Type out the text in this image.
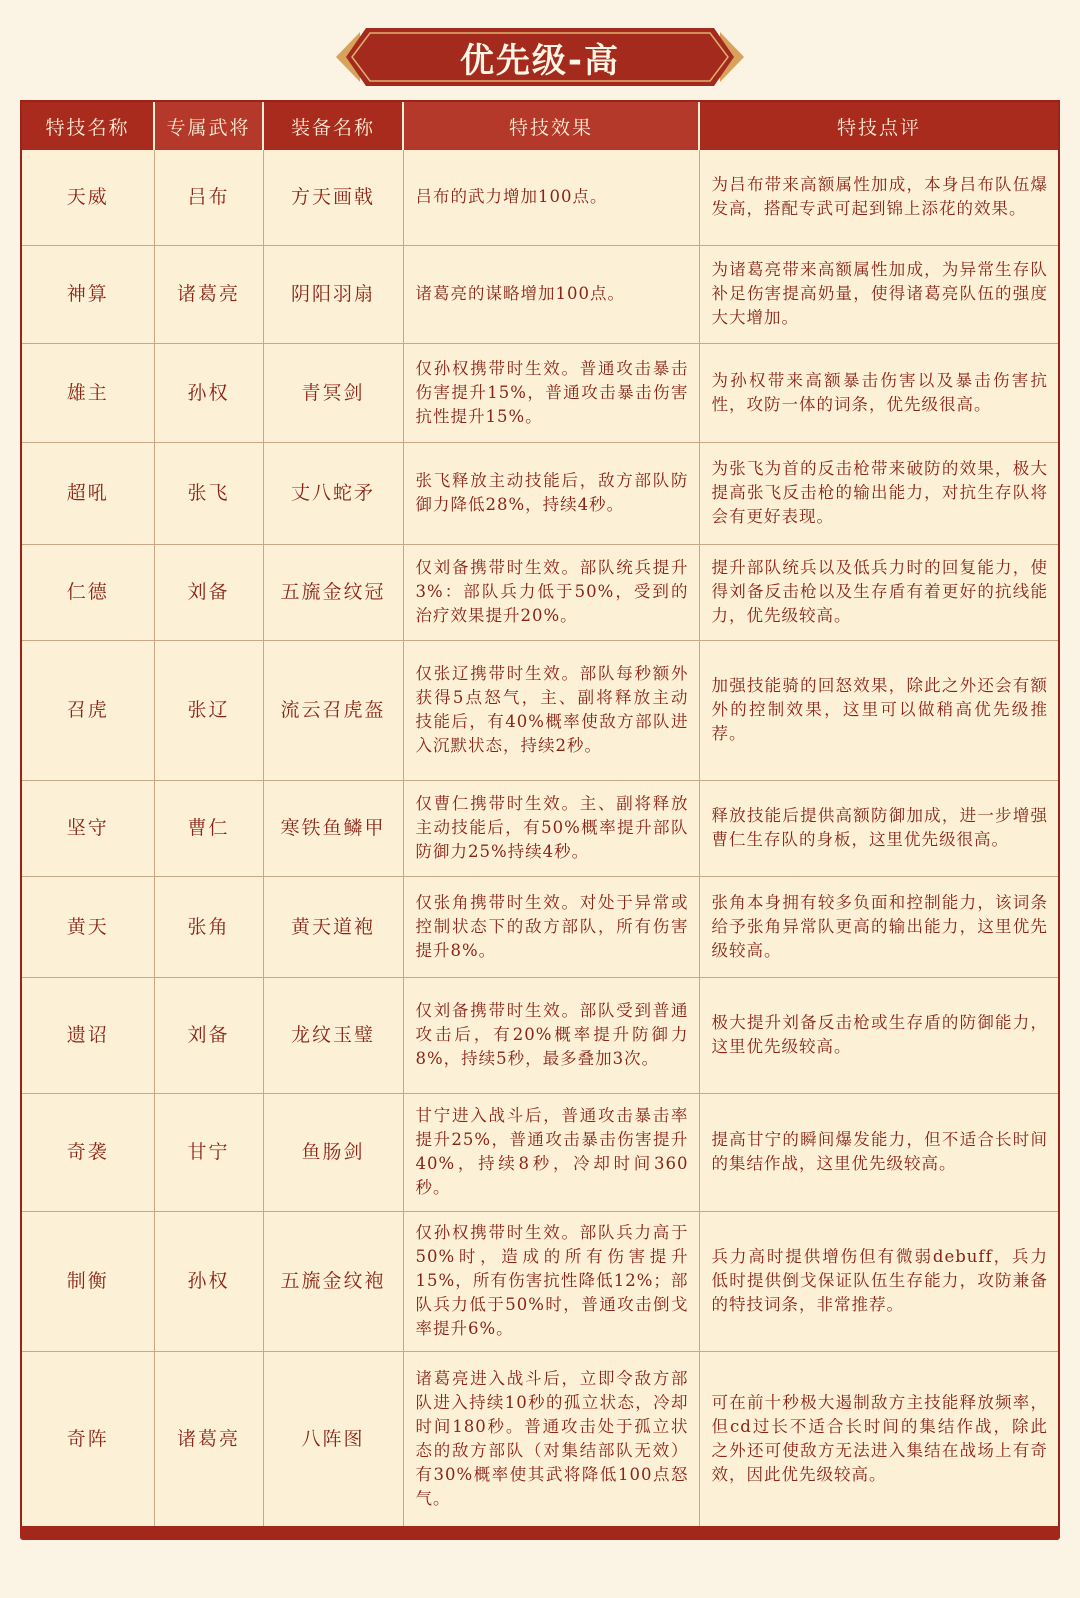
优先级-高
特技名称	专属武将	装备名称	特技效果	特技点评
天威	吕布	方天画戟	吕布的武力增加100点。	为吕布带来高额属性加成，本身吕布队伍爆发高，搭配专武可起到锦上添花的效果。
神算	诸葛亮	阴阳羽扇	诸葛亮的谋略增加100点。	为诸葛亮带来高额属性加成，为异常生存队补足伤害提高奶量，使得诸葛亮队伍的强度大大增加。
雄主	孙权	青冥剑	仅孙权携带时生效。普通攻击暴击伤害提升15%，普通攻击暴击伤害抗性提升15%。	为孙权带来高额暴击伤害以及暴击伤害抗性，攻防一体的词条，优先级很高。
超吼	张飞	丈八蛇矛	张飞释放主动技能后，敌方部队防御力降低28%，持续4秒。	为张飞为首的反击枪带来破防的效果，极大提高张飞反击枪的输出能力，对抗生存队将会有更好表现。
仁德	刘备	五旒金纹冠	仅刘备携带时生效。部队统兵提升3%：部队兵力低于50%，受到的治疗效果提升20%。	提升部队统兵以及低兵力时的回复能力，使得刘备反击枪以及生存盾有着更好的抗线能力，优先级较高。
召虎	张辽	流云召虎盔	仅张辽携带时生效。部队每秒额外获得5点怒气，主、副将释放主动技能后，有40%概率使敌方部队进入沉默状态，持续2秒。	加强技能骑的回怒效果，除此之外还会有额外的控制效果，这里可以做稍高优先级推荐。
坚守	曹仁	寒铁鱼鳞甲	仅曹仁携带时生效。主、副将释放主动技能后，有50%概率提升部队防御力25%持续4秒。	释放技能后提供高额防御加成，进一步增强曹仁生存队的身板，这里优先级很高。
黄天	张角	黄天道袍	仅张角携带时生效。对处于异常或控制状态下的敌方部队，所有伤害提升8%。	张角本身拥有较多负面和控制能力，该词条给予张角异常队更高的输出能力，这里优先级较高。
遗诏	刘备	龙纹玉璧	仅刘备携带时生效。部队受到普通攻击后，有20%概率提升防御力8%，持续5秒，最多叠加3次。	极大提升刘备反击枪或生存盾的防御能力，这里优先级较高。
奇袭	甘宁	鱼肠剑	甘宁进入战斗后，普通攻击暴击率提升25%，普通攻击暴击伤害提升40%，持续8秒，冷却时间360秒。	提高甘宁的瞬间爆发能力，但不适合长时间的集结作战，这里优先级较高。
制衡	孙权	五旒金纹袍	仅孙权携带时生效。部队兵力高于50%时，造成的所有伤害提升15%，所有伤害抗性降低12%；部队兵力低于50%时，普通攻击倒戈率提升6%。	兵力高时提供增伤但有微弱debuff，兵力低时提供倒戈保证队伍生存能力，攻防兼备的特技词条，非常推荐。
奇阵	诸葛亮	八阵图	诸葛亮进入战斗后，立即令敌方部队进入持续10秒的孤立状态，冷却时间180秒。普通攻击处于孤立状态的敌方部队（对集结部队无效）有30%概率使其武将降低100点怒气。	可在前十秒极大遏制敌方主技能释放频率，但cd过长不适合长时间的集结作战，除此之外还可使敌方无法进入集结在战场上有奇效，因此优先级较高。
